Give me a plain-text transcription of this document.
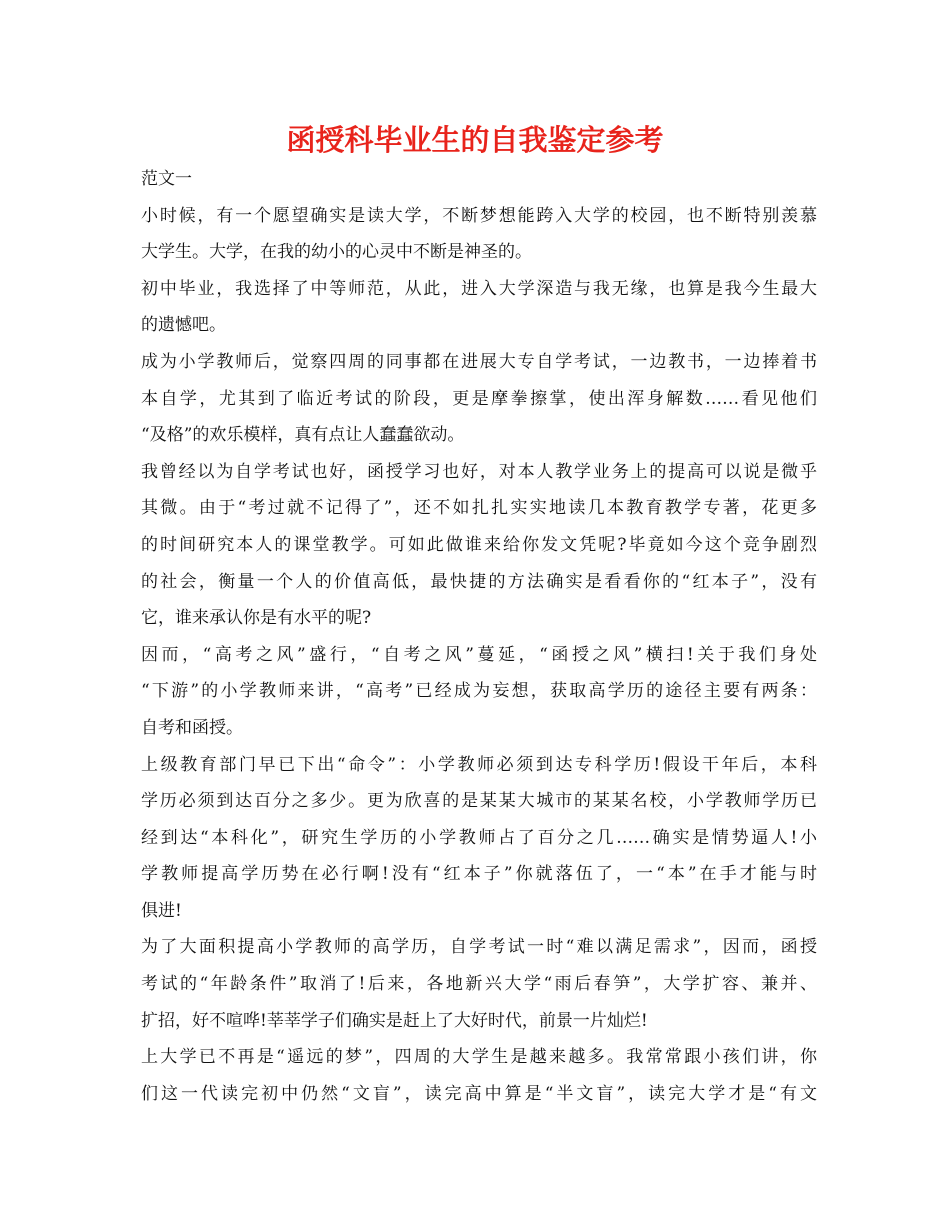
函授科毕业生的自我鉴定参考
范文一
小时候，有一个愿望确实是读大学，不断梦想能跨入大学的校园，也不断特别羡慕
大学生。大学，在我的幼小的心灵中不断是神圣的。
初中毕业，我选择了中等师范，从此，进入大学深造与我无缘，也算是我今生最大
的遗憾吧。
成为小学教师后，觉察四周的同事都在进展大专自学考试，一边教书，一边捧着书
本自学，尤其到了临近考试的阶段，更是摩拳擦掌，使出浑身解数……看见他们
“及格”的欢乐模样，真有点让人蠢蠢欲动。
我曾经以为自学考试也好，函授学习也好，对本人教学业务上的提高可以说是微乎
其微。由于“考过就不记得了”，还不如扎扎实实地读几本教育教学专著，花更多
的时间研究本人的课堂教学。可如此做谁来给你发文凭呢?毕竟如今这个竞争剧烈
的社会，衡量一个人的价值高低，最快捷的方法确实是看看你的“红本子”，没有
它，谁来承认你是有水平的呢?
因而，“高考之风”盛行，“自考之风”蔓延，“函授之风”横扫!关于我们身处
“下游”的小学教师来讲，“高考”已经成为妄想，获取高学历的途径主要有两条：
自考和函授。
上级教育部门早已下出“命令”：小学教师必须到达专科学历!假设干年后，本科
学历必须到达百分之多少。更为欣喜的是某某大城市的某某名校，小学教师学历已
经到达“本科化”，研究生学历的小学教师占了百分之几……确实是情势逼人!小
学教师提高学历势在必行啊!没有“红本子”你就落伍了，一“本”在手才能与时
俱进!
为了大面积提高小学教师的高学历，自学考试一时“难以满足需求”，因而，函授
考试的“年龄条件”取消了!后来，各地新兴大学“雨后春笋”，大学扩容、兼并、
扩招，好不喧哗!莘莘学子们确实是赶上了大好时代，前景一片灿烂!
上大学已不再是“遥远的梦”，四周的大学生是越来越多。我常常跟小孩们讲，你
们这一代读完初中仍然“文盲”，读完高中算是“半文盲”，读完大学才是“有文
